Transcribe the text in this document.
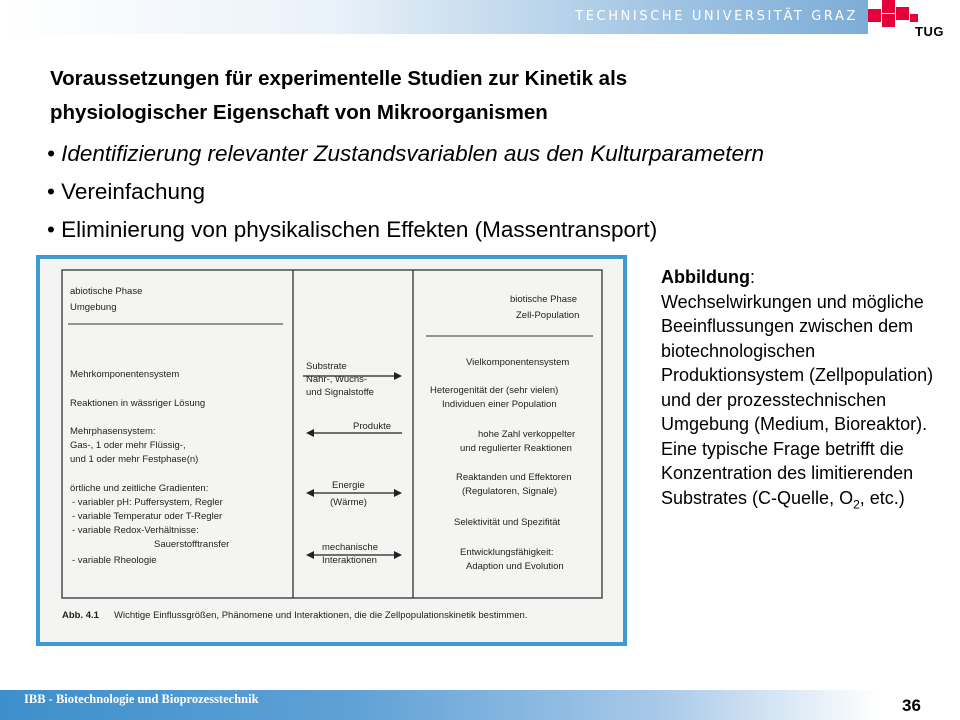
TECHNISCHE UNIVERSITÄT GRAZ
TUG
Voraussetzungen für experimentelle Studien zur Kinetik als
physiologischer Eigenschaft von Mikroorganismen
• Identifizierung relevanter Zustandsvariablen aus den Kulturparametern
• Vereinfachung
• Eliminierung von physikalischen Effekten (Massentransport)
abiotische Phase
Umgebung
Mehrkomponentensystem
Reaktionen in wässriger Lösung
Mehrphasensystem:
Gas-, 1 oder mehr Flüssig-,
und 1 oder mehr Festphase(n)
örtliche und zeitliche Gradienten:
- variabler pH: Puffersystem, Regler
- variable Temperatur oder T-Regler
- variable Redox-Verhältnisse:
Sauerstofftransfer
- variable Rheologie
Substrate
Nähr-, Wuchs-
und Signalstoffe
Produkte
Energie
(Wärme)
mechanische
Interaktionen
biotische Phase
Zell-Population
Vielkomponentensystem
Heterogenität der (sehr vielen)
Individuen einer Population
hohe Zahl verkoppelter
und regulierter Reaktionen
Reaktanden und Effektoren
(Regulatoren, Signale)
Selektivität und Spezifität
Entwicklungsfähigkeit:
Adaption und Evolution
Abb. 4.1 Wichtige Einflussgrößen, Phänomene und Interaktionen, die die Zellpopulationskinetik bestimmen.
Abbildung:
Wechselwirkungen und mögliche Beeinflussungen zwischen dem biotechnologischen Produktionsystem (Zellpopulation) und der prozesstechnischen Umgebung (Medium, Bioreaktor). Eine typische Frage betrifft die Konzentration des limitierenden Substrates (C-Quelle, $O_2$, etc.)
IBB - Biotechnologie und Bioprozesstechnik	36
